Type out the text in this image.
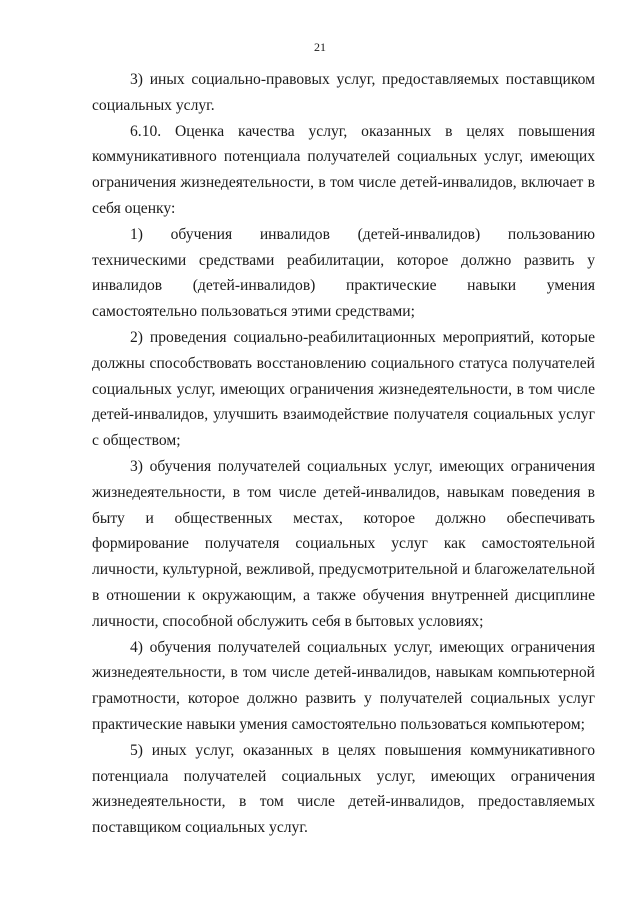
21

3) иных социально-правовых услуг, предоставляемых поставщиком социальных услуг.

6.10. Оценка качества услуг, оказанных в целях повышения коммуникативного потенциала получателей социальных услуг, имеющих ограничения жизнедеятельности, в том числе детей-инвалидов, включает в себя оценку:

1) обучения инвалидов (детей-инвалидов) пользованию техническими средствами реабилитации, которое должно развить у инвалидов (детей-инвалидов) практические навыки умения самостоятельно пользоваться этими средствами;

2) проведения социально-реабилитационных мероприятий, которые должны способствовать восстановлению социального статуса получателей социальных услуг, имеющих ограничения жизнедеятельности, в том числе детей-инвалидов, улучшить взаимодействие получателя социальных услуг с обществом;

3) обучения получателей социальных услуг, имеющих ограничения жизнедеятельности, в том числе детей-инвалидов, навыкам поведения в быту и общественных местах, которое должно обеспечивать формирование получателя социальных услуг как самостоятельной личности, культурной, вежливой, предусмотрительной и благожелательной в отношении к окружающим, а также обучения внутренней дисциплине личности, способной обслужить себя в бытовых условиях;

4) обучения получателей социальных услуг, имеющих ограничения жизнедеятельности, в том числе детей-инвалидов, навыкам компьютерной грамотности, которое должно развить у получателей социальных услуг практические навыки умения самостоятельно пользоваться компьютером;

5) иных услуг, оказанных в целях повышения коммуникативного потенциала получателей социальных услуг, имеющих ограничения жизнедеятельности, в том числе детей-инвалидов, предоставляемых поставщиком социальных услуг.
